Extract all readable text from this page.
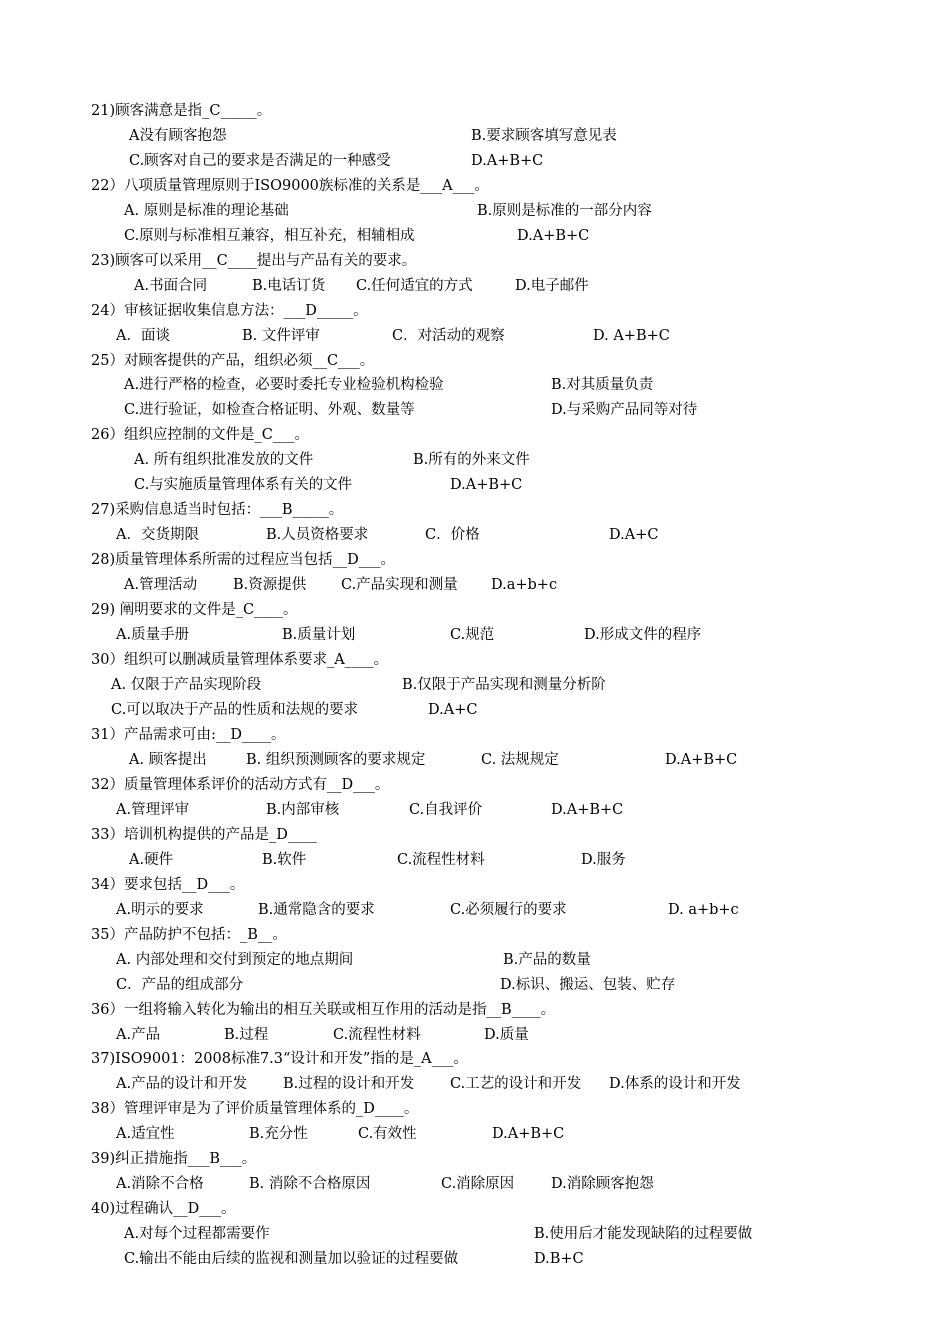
21)顾客满意是指_C_____。
A没有顾客抱怨	B.要求顾客填写意见表
C.顾客对自己的要求是否满足的一种感受	D.A+B+C
22）八项质量管理原则于ISO9000族标准的关系是___A___。
A. 原则是标准的理论基础	B.原则是标准的一部分内容
C.原则与标准相互兼容，相互补充，相辅相成	D.A+B+C
23)顾客可以采用__C____提出与产品有关的要求。
A.书面合同	B.电话订货 C.任何适宜的方式	D.电子邮件
24）审核证据收集信息方法：___D_____。
A．面谈	B. 文件评审	C．对活动的观察	D. A+B+C
25）对顾客提供的产品，组织必须__C___。
A.进行严格的检查，必要时委托专业检验机构检验	B.对其质量负责
C.进行验证，如检查合格证明、外观、数量等	D.与采购产品同等对待
26）组织应控制的文件是_C___。
A. 所有组织批准发放的文件	B.所有的外来文件
C.与实施质量管理体系有关的文件	D.A+B+C
27)采购信息适当时包括：___B_____。
A．交货期限	B.人员资格要求	C．价格	D.A+C
28)质量管理体系所需的过程应当包括__D___。
A.管理活动 B.资源提供 C.产品实现和测量 D.a+b+c
29) 阐明要求的文件是_C____。
A.质量手册	B.质量计划	C.规范	D.形成文件的程序
30）组织可以删减质量管理体系要求_A____。
A. 仅限于产品实现阶段	B.仅限于产品实现和测量分析阶
C.可以取决于产品的性质和法规的要求	D.A+C
31）产品需求可由:__D____。
A. 顾客提出	B. 组织预测顾客的要求规定	C. 法规规定	D.A+B+C
32）质量管理体系评价的活动方式有__D___。
A.管理评审	B.内部审核	C.自我评价	D.A+B+C
33）培训机构提供的产品是_D____
A.硬件	B.软件	C.流程性材料	D.服务
34）要求包括__D___。
A.明示的要求	B.通常隐含的要求	C.必须履行的要求	D. a+b+c
35）产品防护不包括：_B__。
A. 内部处理和交付到预定的地点期间	B.产品的数量
C．产品的组成部分	D.标识、搬运、包装、贮存
36）一组将输入转化为输出的相互关联或相互作用的活动是指__B____。
A.产品	B.过程	C.流程性材料	D.质量
37)ISO9001：2008标准7.3“设计和开发”指的是_A___。
A.产品的设计和开发 B.过程的设计和开发 C.工艺的设计和开发 D.体系的设计和开发
38）管理评审是为了评价质量管理体系的_D____。
A.适宜性	B.充分性	C.有效性	D.A+B+C
39)纠正措施指___B___。
A.消除不合格	B. 消除不合格原因	C.消除原因	D.消除顾客抱怨
40)过程确认__D___。
A.对每个过程都需要作	B.使用后才能发现缺陷的过程要做
C.输出不能由后续的监视和测量加以验证的过程要做	D.B+C
